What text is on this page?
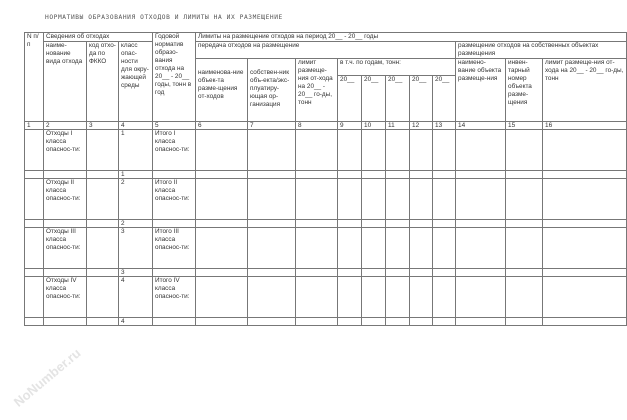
NoNumber.ru
НОРМАТИВЫ ОБРАЗОВАНИЯ ОТХОДОВ И ЛИМИТЫ НА ИХ РАЗМЕЩЕНИЕ
N п/п	Сведения об отходах			Годовой норматив образо-вания отхода на 20__ - 20__ годы, тонн в год	Лимиты на размещение отходов на период 20__ - 20__ годы										
	наиме-нование вида отхода	код отхо-да по ФККО	класс опас-ности для окру-жающей среды		передача отходов на размещение								размещение отходов на собственных объектах размещения		
					наименова-ние объек-та разме-щения от-ходов	собствен-ник объ-екта/экс-плуатиру-ющая ор-ганизация	лимит размеще-ния от-хода на 20__ - 20__ го-ды, тонн	в т.ч. по годам, тонн:					наимено-вание объекта размеще-ния	инвен-тарный номер объекта разме-щения	лимит размеще-ния от-хода на 20__ - 20__ го-ды, тонн
								20__	20__	20__	20__	20__			
1	2	3	4	5	6	7	8	9	10	11	12	13	14	15	16
	Отходы I класса опаснос-ти:		1	Итого I класса опаснос-ти:											
			1												
	Отходы II класса опаснос-ти:		2	Итого II класса опаснос-ти:											
			2												
	Отходы III класса опаснос-ти:		3	Итого III класса опаснос-ти:											
			3												
	Отходы IV класса опаснос-ти:		4	Итого IV класса опаснос-ти:											
			4												
